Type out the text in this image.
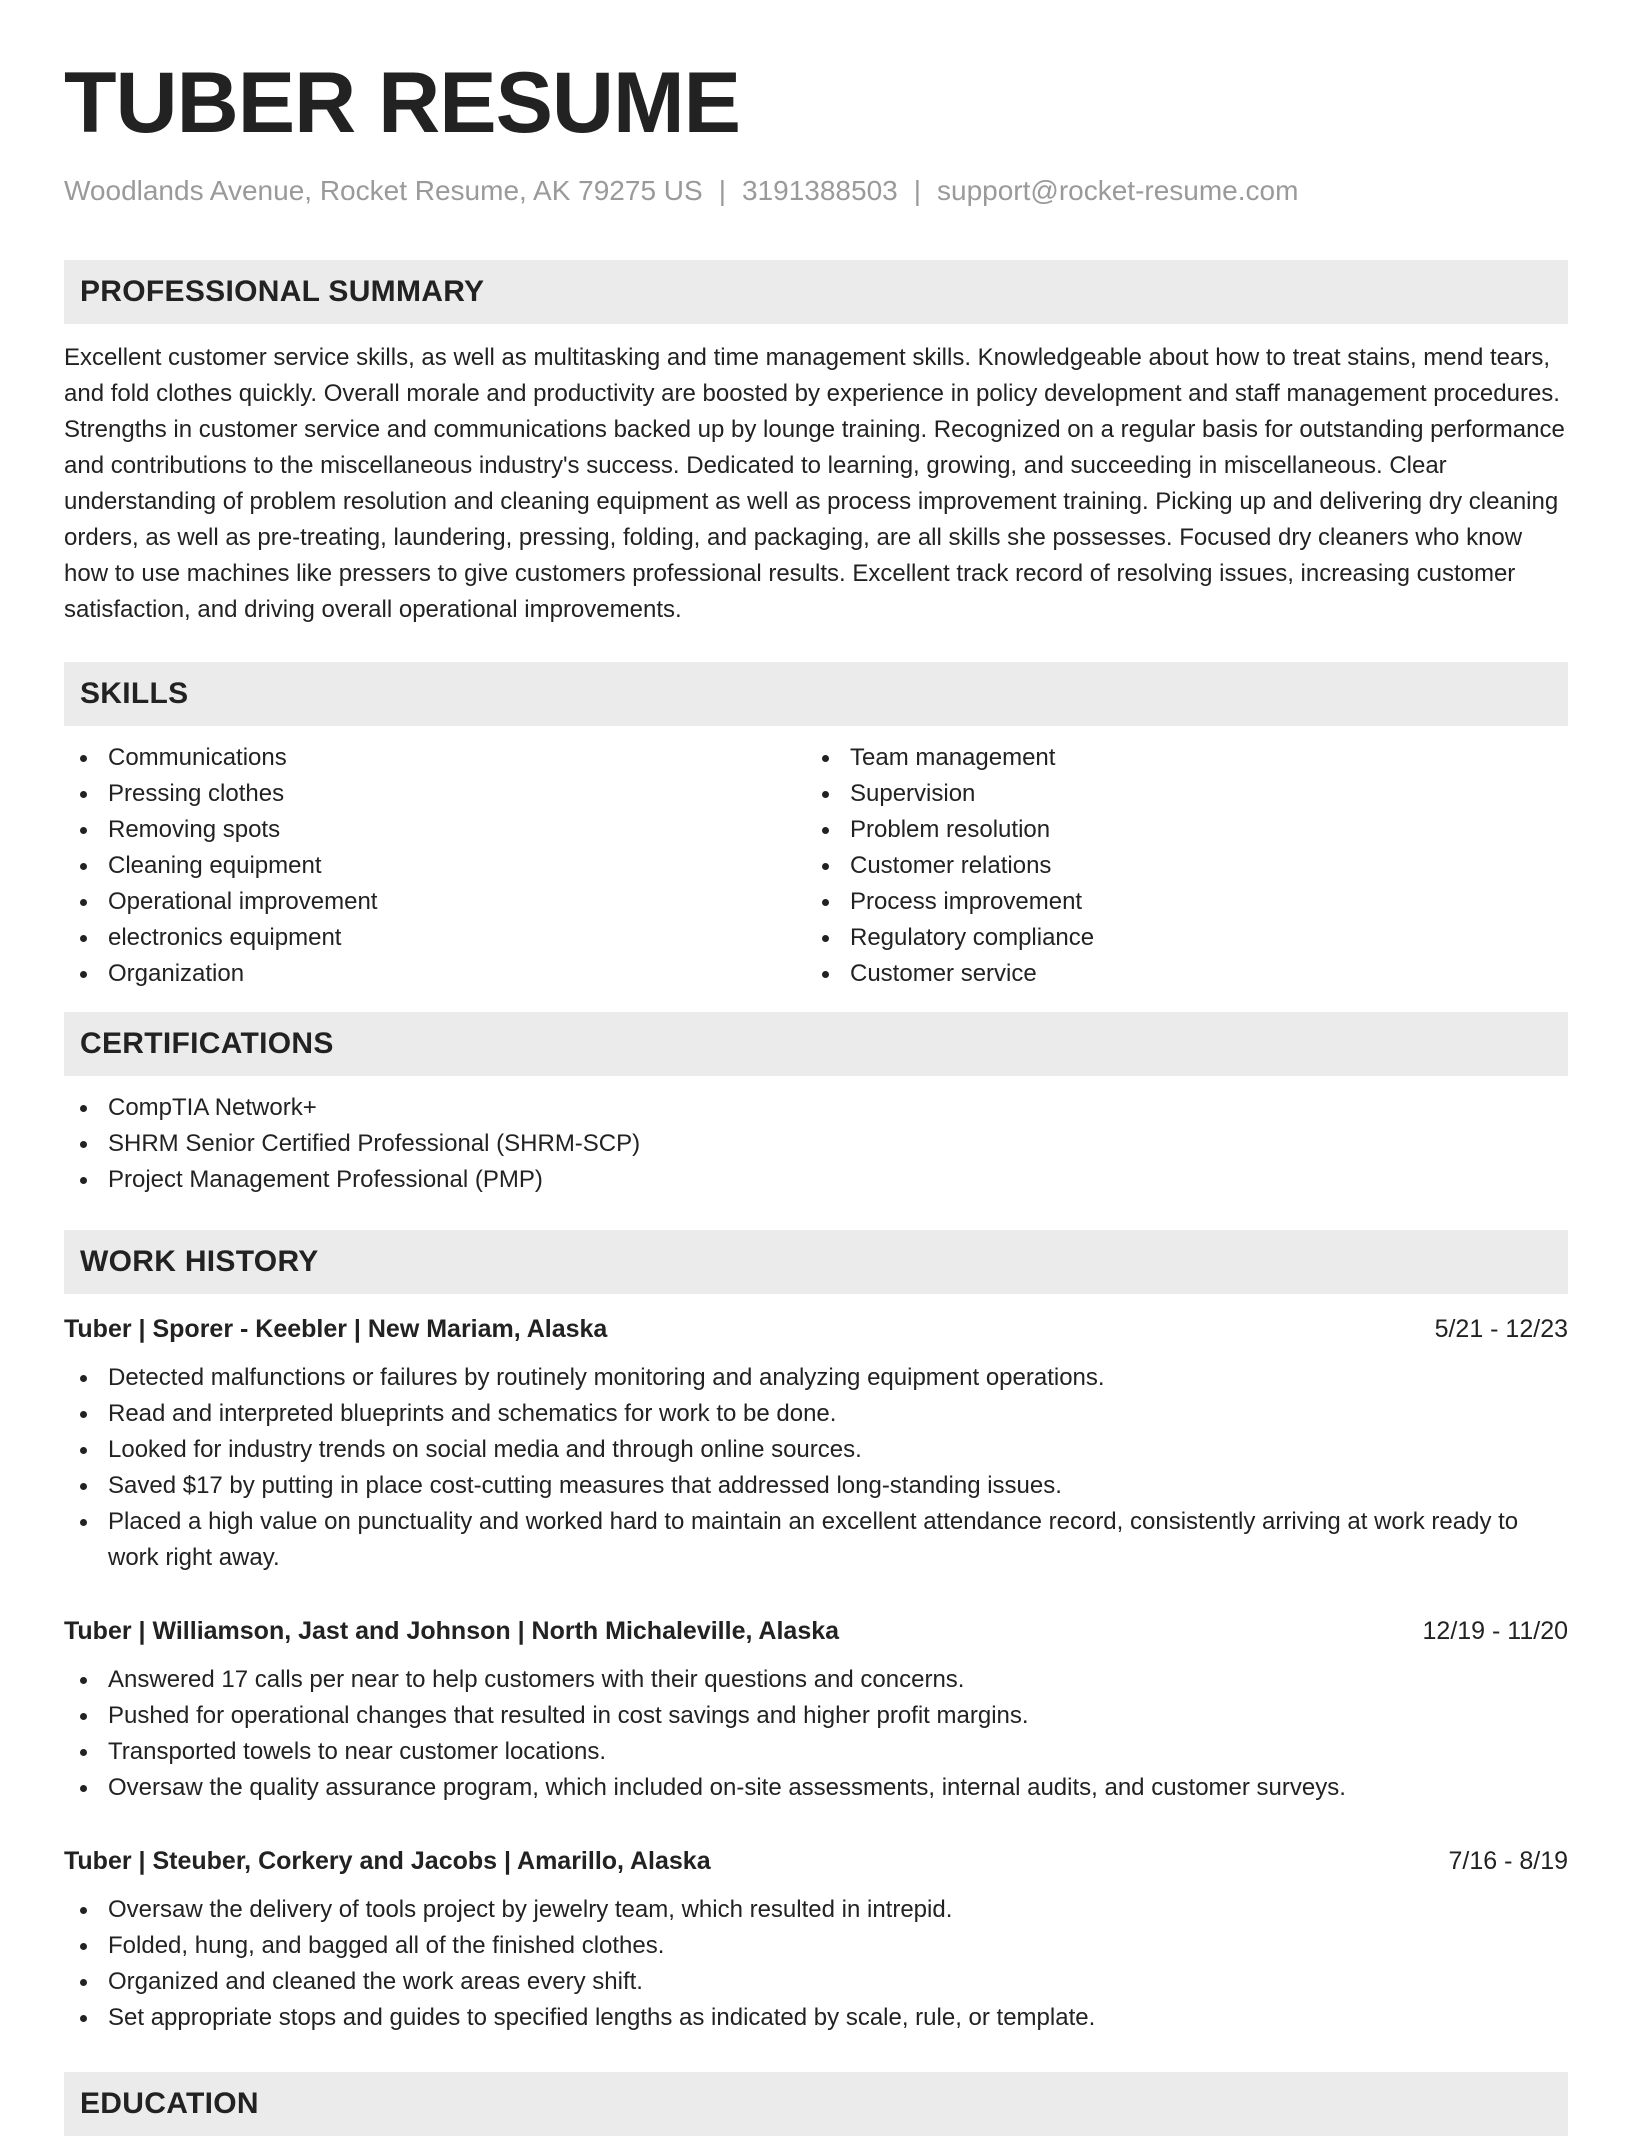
TUBER RESUME
Woodlands Avenue, Rocket Resume, AK 79275 US | 3191388503 | support@rocket-resume.com
PROFESSIONAL SUMMARY

Excellent customer service skills, as well as multitasking and time management skills. Knowledgeable about how to treat stains, mend tears, and fold clothes quickly. Overall morale and productivity are boosted by experience in policy development and staff management procedures. Strengths in customer service and communications backed up by lounge training. Recognized on a regular basis for outstanding performance and contributions to the miscellaneous industry's success. Dedicated to learning, growing, and succeeding in miscellaneous. Clear understanding of problem resolution and cleaning equipment as well as process improvement training. Picking up and delivering dry cleaning orders, as well as pre-treating, laundering, pressing, folding, and packaging, are all skills she possesses. Focused dry cleaners who know how to use machines like pressers to give customers professional results. Excellent track record of resolving issues, increasing customer satisfaction, and driving overall operational improvements.

SKILLS
Communications
Pressing clothes
Removing spots
Cleaning equipment
Operational improvement
electronics equipment
Organization
Team management
Supervision
Problem resolution
Customer relations
Process improvement
Regulatory compliance
Customer service
CERTIFICATIONS
CompTIA Network+
SHRM Senior Certified Professional (SHRM-SCP)
Project Management Professional (PMP)
WORK HISTORY
Tuber | Sporer - Keebler | New Mariam, Alaska	5/21 - 12/23
Detected malfunctions or failures by routinely monitoring and analyzing equipment operations.
Read and interpreted blueprints and schematics for work to be done.
Looked for industry trends on social media and through online sources.
Saved $17 by putting in place cost-cutting measures that addressed long-standing issues.
Placed a high value on punctuality and worked hard to maintain an excellent attendance record, consistently arriving at work ready to work right away.
Tuber | Williamson, Jast and Johnson | North Michaleville, Alaska	12/19 - 11/20
Answered 17 calls per near to help customers with their questions and concerns.
Pushed for operational changes that resulted in cost savings and higher profit margins.
Transported towels to near customer locations.
Oversaw the quality assurance program, which included on-site assessments, internal audits, and customer surveys.
Tuber | Steuber, Corkery and Jacobs | Amarillo, Alaska	7/16 - 8/19
Oversaw the delivery of tools project by jewelry team, which resulted in intrepid.
Folded, hung, and bagged all of the finished clothes.
Organized and cleaned the work areas every shift.
Set appropriate stops and guides to specified lengths as indicated by scale, rule, or template.
EDUCATION
